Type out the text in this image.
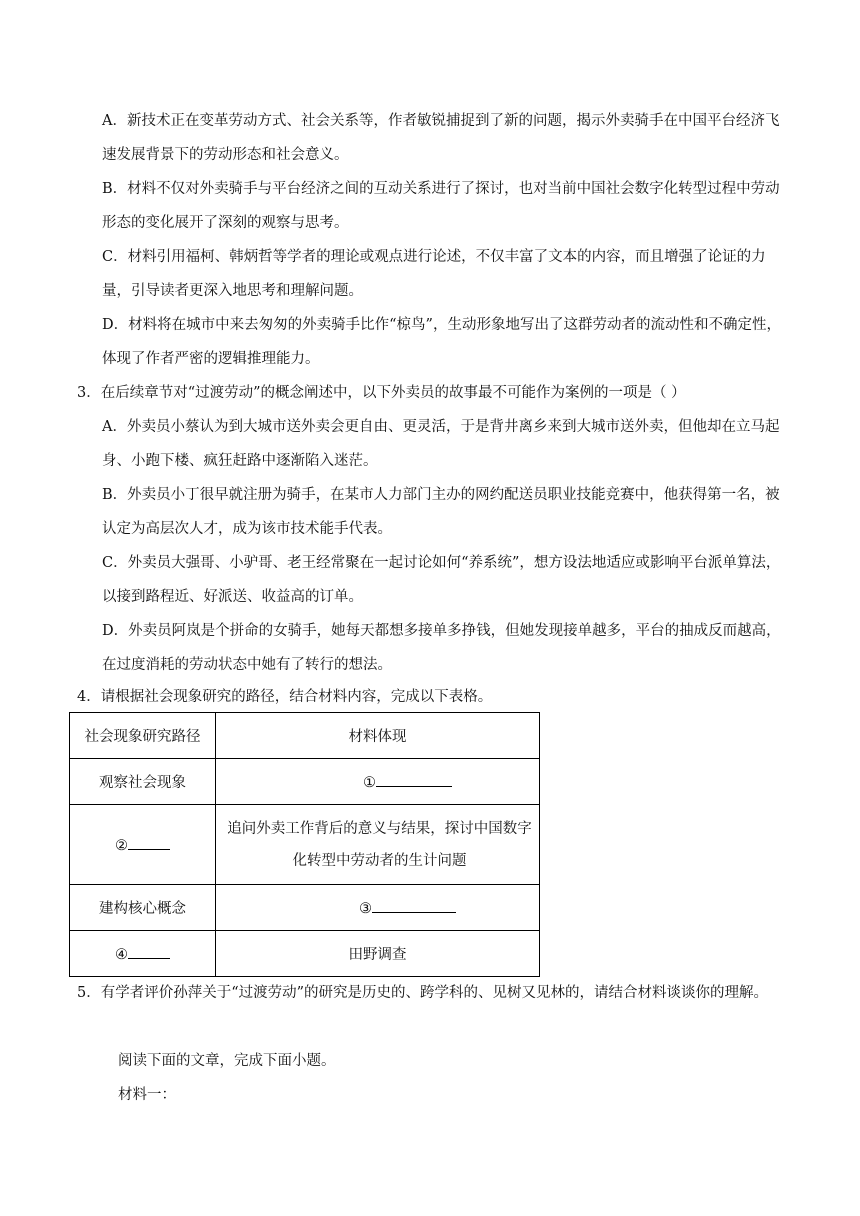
A．新技术正在变革劳动方式、社会关系等，作者敏锐捕捉到了新的问题，揭示外卖骑手在中国平台经济飞速发展背景下的劳动形态和社会意义。

B．材料不仅对外卖骑手与平台经济之间的互动关系进行了探讨，也对当前中国社会数字化转型过程中劳动形态的变化展开了深刻的观察与思考。

C．材料引用福柯、韩炳哲等学者的理论或观点进行论述，不仅丰富了文本的内容，而且增强了论证的力量，引导读者更深入地思考和理解问题。

D．材料将在城市中来去匆匆的外卖骑手比作“椋鸟”，生动形象地写出了这群劳动者的流动性和不确定性，体现了作者严密的逻辑推理能力。

3．在后续章节对“过渡劳动”的概念阐述中，以下外卖员的故事最不可能作为案例的一项是（ ）

A．外卖员小蔡认为到大城市送外卖会更自由、更灵活，于是背井离乡来到大城市送外卖，但他却在立马起身、小跑下楼、疯狂赶路中逐渐陷入迷茫。

B．外卖员小丁很早就注册为骑手，在某市人力部门主办的网约配送员职业技能竞赛中，他获得第一名，被认定为高层次人才，成为该市技术能手代表。

C．外卖员大强哥、小驴哥、老王经常聚在一起讨论如何“养系统”，想方设法地适应或影响平台派单算法，以接到路程近、好派送、收益高的订单。

D．外卖员阿岚是个拼命的女骑手，她每天都想多接单多挣钱，但她发现接单越多，平台的抽成反而越高，在过度消耗的劳动状态中她有了转行的想法。

4．请根据社会现象研究的路径，结合材料内容，完成以下表格。

社会现象研究路径	材料体现
观察社会现象	①
②	追问外卖工作背后的意义与结果，探讨中国数字化转型中劳动者的生计问题

建构核心概念	③
④	田野调查

5．有学者评价孙萍关于“过渡劳动”的研究是历史的、跨学科的、见树又见林的，请结合材料谈谈你的理解。

阅读下面的文章，完成下面小题。

材料一：
